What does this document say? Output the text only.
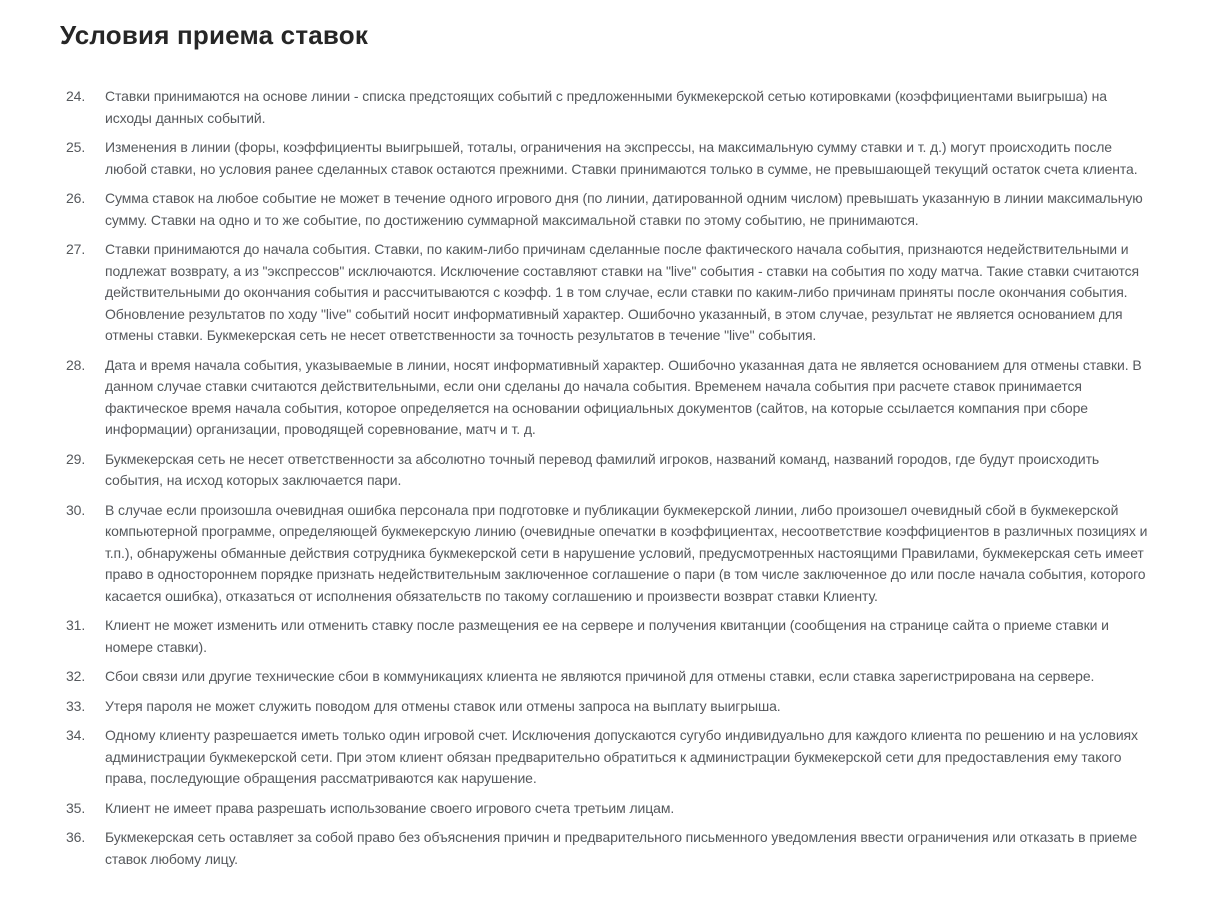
Условия приема ставок
24.	Ставки принимаются на основе линии - списка предстоящих событий с предложенными букмекерской сетью котировками (коэффициентами выигрыша) на исходы данных событий.
25.	Изменения в линии (форы, коэффициенты выигрышей, тоталы, ограничения на экспрессы, на максимальную сумму ставки и т. д.) могут происходить после любой ставки, но условия ранее сделанных ставок остаются прежними. Ставки принимаются только в сумме, не превышающей текущий остаток счета клиента.
26.	Сумма ставок на любое событие не может в течение одного игрового дня (по линии, датированной одним числом) превышать указанную в линии максимальную сумму. Ставки на одно и то же событие, по достижению суммарной максимальной ставки по этому событию, не принимаются.
27.	Ставки принимаются до начала события. Ставки, по каким-либо причинам сделанные после фактического начала события, признаются недействительными и подлежат возврату, а из "экспрессов" исключаются. Исключение составляют ставки на "live" события - ставки на события по ходу матча. Такие ставки считаются действительными до окончания события и рассчитываются с коэфф. 1 в том случае, если ставки по каким-либо причинам приняты после окончания события. Обновление результатов по ходу "live" событий носит информативный характер. Ошибочно указанный, в этом случае, результат не является основанием для отмены ставки. Букмекерская сеть не несет ответственности за точность результатов в течение "live" события.
28.	Дата и время начала события, указываемые в линии, носят информативный характер. Ошибочно указанная дата не является основанием для отмены ставки. В данном случае ставки считаются действительными, если они сделаны до начала события. Временем начала события при расчете ставок принимается фактическое время начала события, которое определяется на основании официальных документов (сайтов, на которые ссылается компания при сборе информации) организации, проводящей соревнование, матч и т. д.
29.	Букмекерская сеть не несет ответственности за абсолютно точный перевод фамилий игроков, названий команд, названий городов, где будут происходить события, на исход которых заключается пари.
30.	В случае если произошла очевидная ошибка персонала при подготовке и публикации букмекерской линии, либо произошел очевидный сбой в букмекерской компьютерной программе, определяющей букмекерскую линию (очевидные опечатки в коэффициентах, несоответствие коэффициентов в различных позициях и т.п.), обнаружены обманные действия сотрудника букмекерской сети в нарушение условий, предусмотренных настоящими Правилами, букмекерская сеть имеет право в одностороннем порядке признать недействительным заключенное соглашение о пари (в том числе заключенное до или после начала события, которого касается ошибка), отказаться от исполнения обязательств по такому соглашению и произвести возврат ставки Клиенту.
31.	Клиент не может изменить или отменить ставку после размещения ее на сервере и получения квитанции (сообщения на странице сайта о приеме ставки и номере ставки).
32.	Сбои связи или другие технические сбои в коммуникациях клиента не являются причиной для отмены ставки, если ставка зарегистрирована на сервере.
33.	Утеря пароля не может служить поводом для отмены ставок или отмены запроса на выплату выигрыша.
34.	Одному клиенту разрешается иметь только один игровой счет. Исключения допускаются сугубо индивидуально для каждого клиента по решению и на условиях администрации букмекерской сети. При этом клиент обязан предварительно обратиться к администрации букмекерской сети для предоставления ему такого права, последующие обращения рассматриваются как нарушение.
35.	Клиент не имеет права разрешать использование своего игрового счета третьим лицам.
36.	Букмекерская сеть оставляет за собой право без объяснения причин и предварительного письменного уведомления ввести ограничения или отказать в приеме ставок любому лицу.
